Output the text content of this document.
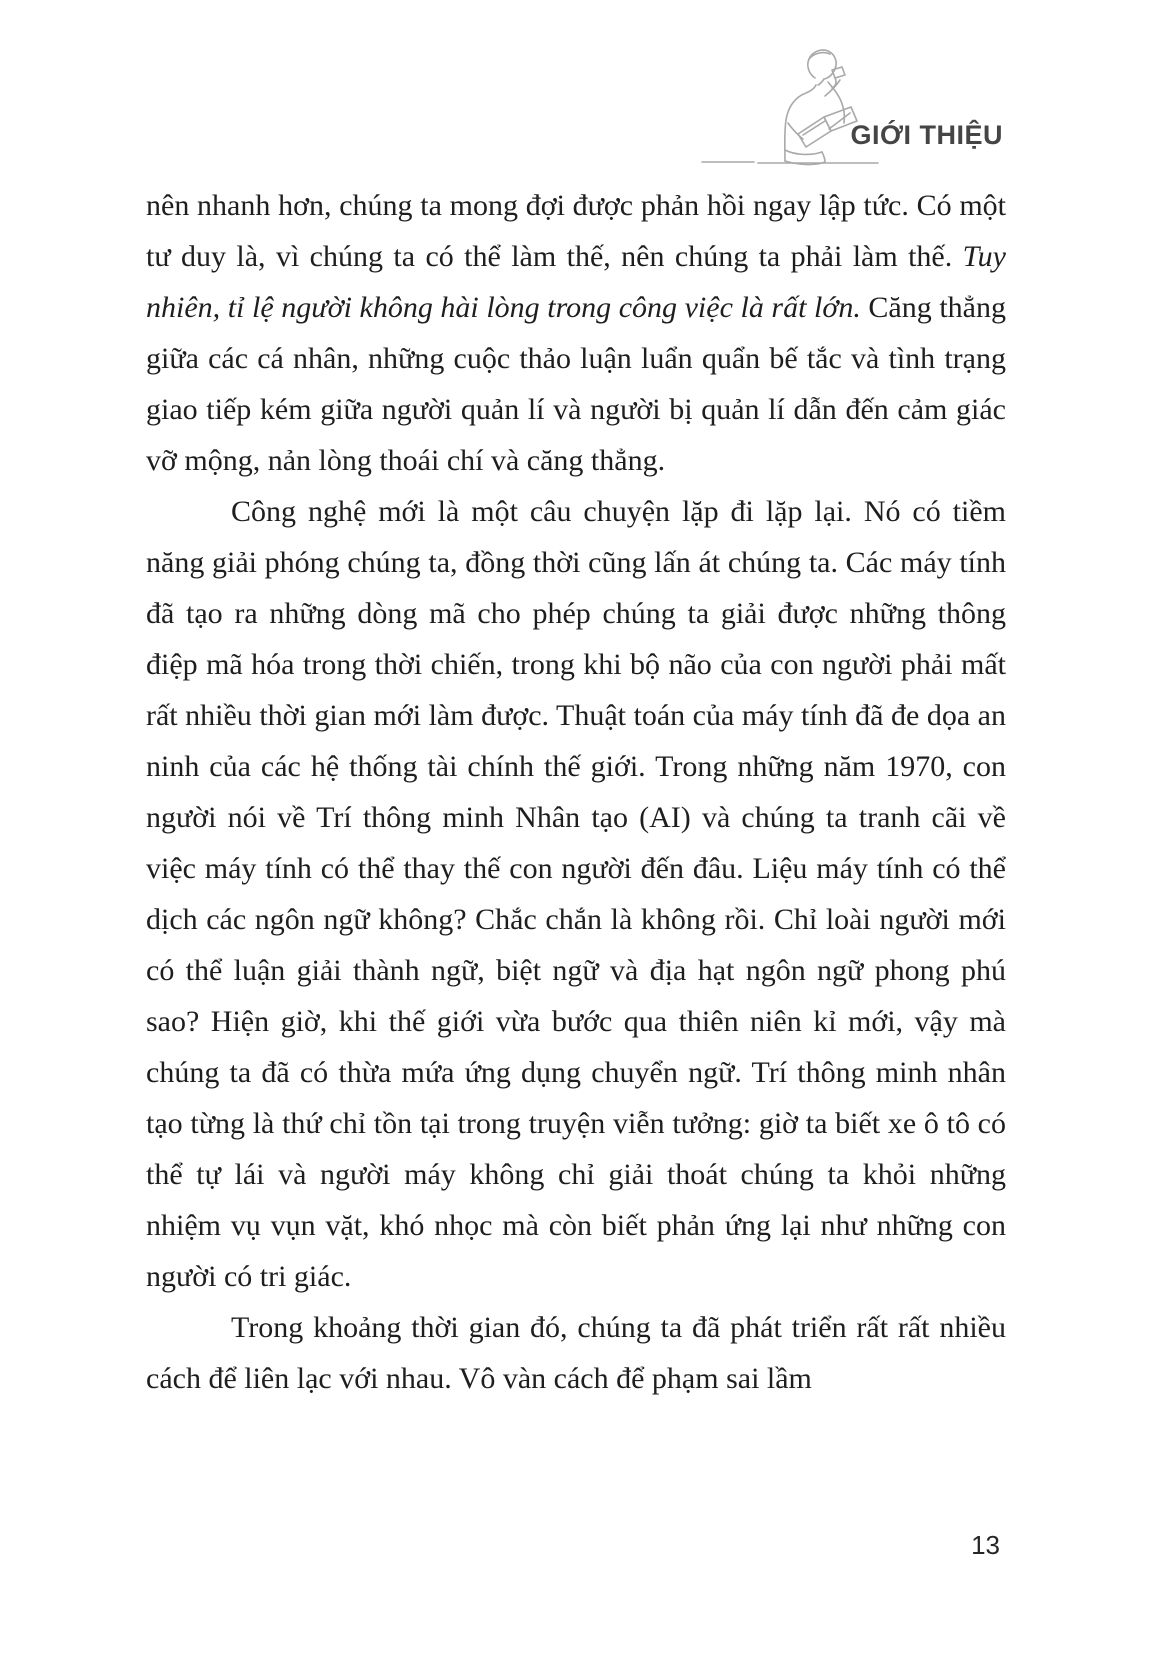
GIỚI THIỆU

nên nhanh hơn, chúng ta mong đợi được phản hồi ngay lập tức. Có một tư duy là, vì chúng ta có thể làm thế, nên chúng ta phải làm thế. Tuy nhiên, tỉ lệ người không hài lòng trong công việc là rất lớn. Căng thẳng giữa các cá nhân, những cuộc thảo luận luẩn quẩn bế tắc và tình trạng giao tiếp kém giữa người quản lí và người bị quản lí dẫn đến cảm giác vỡ mộng, nản lòng thoái chí và căng thẳng.

Công nghệ mới là một câu chuyện lặp đi lặp lại. Nó có tiềm năng giải phóng chúng ta, đồng thời cũng lấn át chúng ta. Các máy tính đã tạo ra những dòng mã cho phép chúng ta giải được những thông điệp mã hóa trong thời chiến, trong khi bộ não của con người phải mất rất nhiều thời gian mới làm được. Thuật toán của máy tính đã đe dọa an ninh của các hệ thống tài chính thế giới. Trong những năm 1970, con người nói về Trí thông minh Nhân tạo (AI) và chúng ta tranh cãi về việc máy tính có thể thay thế con người đến đâu. Liệu máy tính có thể dịch các ngôn ngữ không? Chắc chắn là không rồi. Chỉ loài người mới có thể luận giải thành ngữ, biệt ngữ và địa hạt ngôn ngữ phong phú sao? Hiện giờ, khi thế giới vừa bước qua thiên niên kỉ mới, vậy mà chúng ta đã có thừa mứa ứng dụng chuyển ngữ. Trí thông minh nhân tạo từng là thứ chỉ tồn tại trong truyện viễn tưởng: giờ ta biết xe ô tô có thể tự lái và người máy không chỉ giải thoát chúng ta khỏi những nhiệm vụ vụn vặt, khó nhọc mà còn biết phản ứng lại như những con người có tri giác.

Trong khoảng thời gian đó, chúng ta đã phát triển rất rất nhiều cách để liên lạc với nhau. Vô vàn cách để phạm sai lầm

13
